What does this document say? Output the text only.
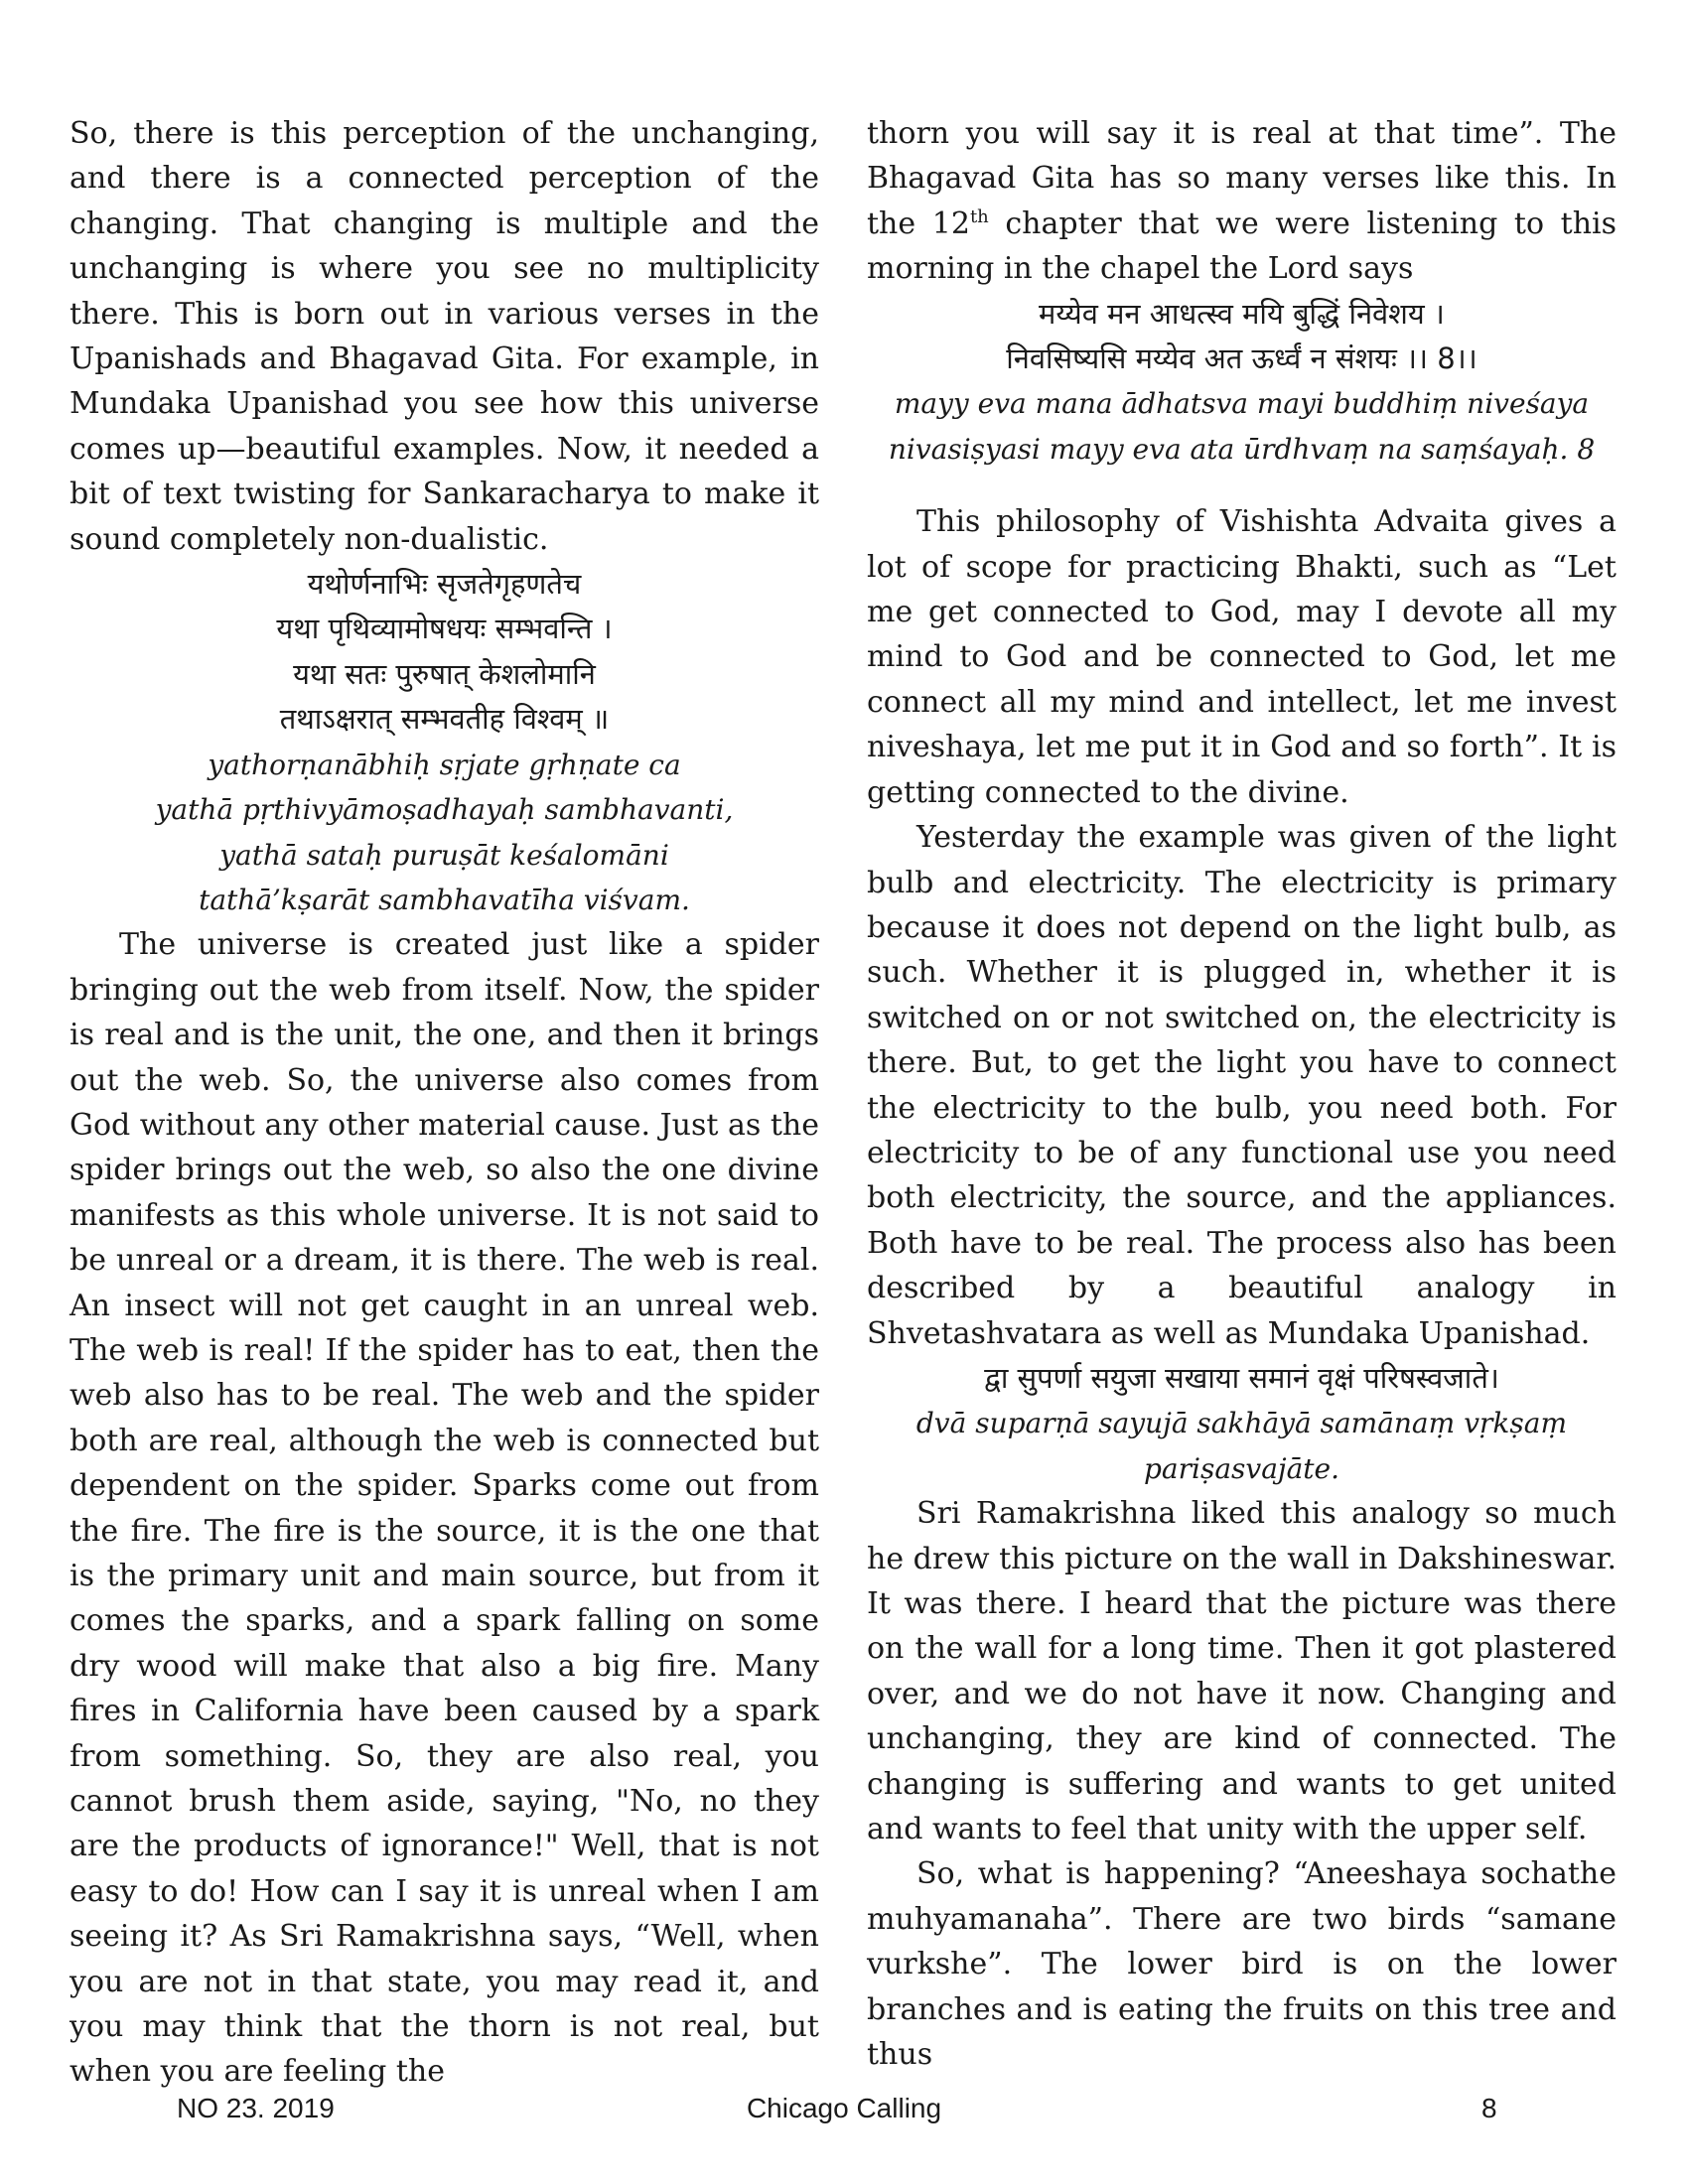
So, there is this perception of the unchanging, and there is a connected perception of the changing. That changing is multiple and the unchanging is where you see no multiplicity there. This is born out in various verses in the Upanishads and Bhagavad Gita. For example, in Mundaka Upanishad you see how this universe comes up—beautiful examples. Now, it needed a bit of text twisting for Sankaracharya to make it sound completely non-dualistic.

यथोर्णनाभिः सृजतेगृहणतेच

यथा पृथिव्यामोषधयः सम्भवन्ति ।

यथा सतः पुरुषात् केशलोमानि

तथाऽक्षरात् सम्भवतीह विश्वम् ॥

yathorṇanābhiḥ sṛjate gṛhṇate ca

yathā pṛthivyāmoṣadhayaḥ sambhavanti,

yathā sataḥ puruṣāt keśalomāni

tathā’kṣarāt sambhavatīha viśvam.

The universe is created just like a spider bringing out the web from itself. Now, the spider is real and is the unit, the one, and then it brings out the web. So, the universe also comes from God without any other material cause. Just as the spider brings out the web, so also the one divine manifests as this whole universe. It is not said to be unreal or a dream, it is there. The web is real. An insect will not get caught in an unreal web. The web is real! If the spider has to eat, then the web also has to be real. The web and the spider both are real, although the web is connected but dependent on the spider. Sparks come out from the fire. The fire is the source, it is the one that is the primary unit and main source, but from it comes the sparks, and a spark falling on some dry wood will make that also a big fire. Many fires in California have been caused by a spark from something. So, they are also real, you cannot brush them aside, saying, "No, no they are the products of ignorance!" Well, that is not easy to do! How can I say it is unreal when I am seeing it? As Sri Ramakrishna says, “Well, when you are not in that state, you may read it, and you may think that the thorn is not real, but when you are feeling the

thorn you will say it is real at that time”. The Bhagavad Gita has so many verses like this. In the 12th chapter that we were listening to this morning in the chapel the Lord says

मय्येव मन आधत्स्व मयि बुद्धिं निवेशय ।

निवसिष्यसि मय्येव अत ऊर्ध्वं न संशयः ।। 8।।

mayy eva mana ādhatsva mayi buddhiṃ niveśaya

nivasiṣyasi mayy eva ata ūrdhvaṃ na saṃśayaḥ. 8

This philosophy of Vishishta Advaita gives a lot of scope for practicing Bhakti, such as “Let me get connected to God, may I devote all my mind to God and be connected to God, let me connect all my mind and intellect, let me invest niveshaya, let me put it in God and so forth”. It is getting connected to the divine.

Yesterday the example was given of the light bulb and electricity. The electricity is primary because it does not depend on the light bulb, as such. Whether it is plugged in, whether it is switched on or not switched on, the electricity is there. But, to get the light you have to connect the electricity to the bulb, you need both. For electricity to be of any functional use you need both electricity, the source, and the appliances. Both have to be real. The process also has been described by a beautiful analogy in Shvetashvatara as well as Mundaka Upanishad.

द्वा सुपर्णा सयुजा सखाया समानं वृक्षं परिषस्वजाते।

dvā suparṇā sayujā sakhāyā samānaṃ vṛkṣaṃ

pariṣasvajāte.

Sri Ramakrishna liked this analogy so much he drew this picture on the wall in Dakshineswar. It was there. I heard that the picture was there on the wall for a long time. Then it got plastered over, and we do not have it now. Changing and unchanging, they are kind of connected. The changing is suffering and wants to get united and wants to feel that unity with the upper self.

So, what is happening? “Aneeshaya sochathe muhyamanaha”. There are two birds “samane vurkshe”. The lower bird is on the lower branches and is eating the fruits on this tree and thus

NO 23. 2019	Chicago Calling	8
